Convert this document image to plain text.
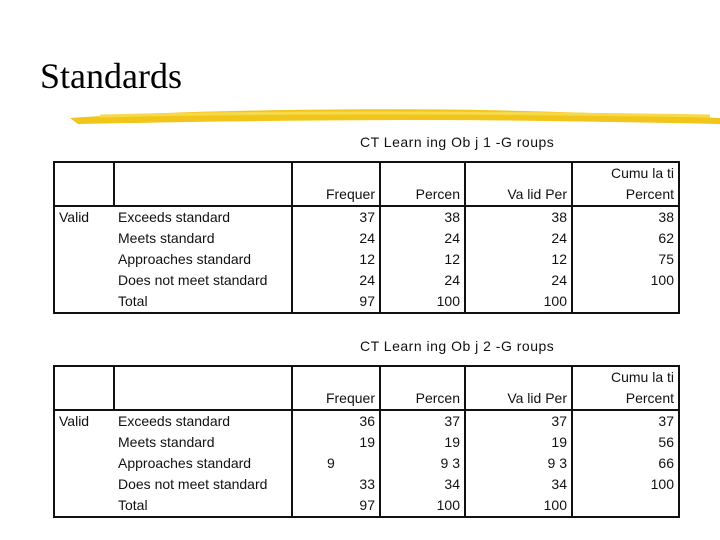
Standards
CT Learn ing Ob j 1 -G roups
		Frequer	Percen	Va lid Per	Cumu la ti
Percent
Valid	Exceeds standard	37	38	38	38
	Meets standard	24	24	24	62
	Approaches standard	12	12	12	75
	Does not meet standard	24	24	24	100
	Total	97	100	100	
CT Learn ing Ob j 2 -G roups
		Frequer	Percen	Va lid Per	Cumu la ti
Percent
Valid	Exceeds standard	36	37	37	37
	Meets standard	19	19	19	56
	Approaches standard	9	9 3	9 3	66
	Does not meet standard	33	34	34	100
	Total	97	100	100	
